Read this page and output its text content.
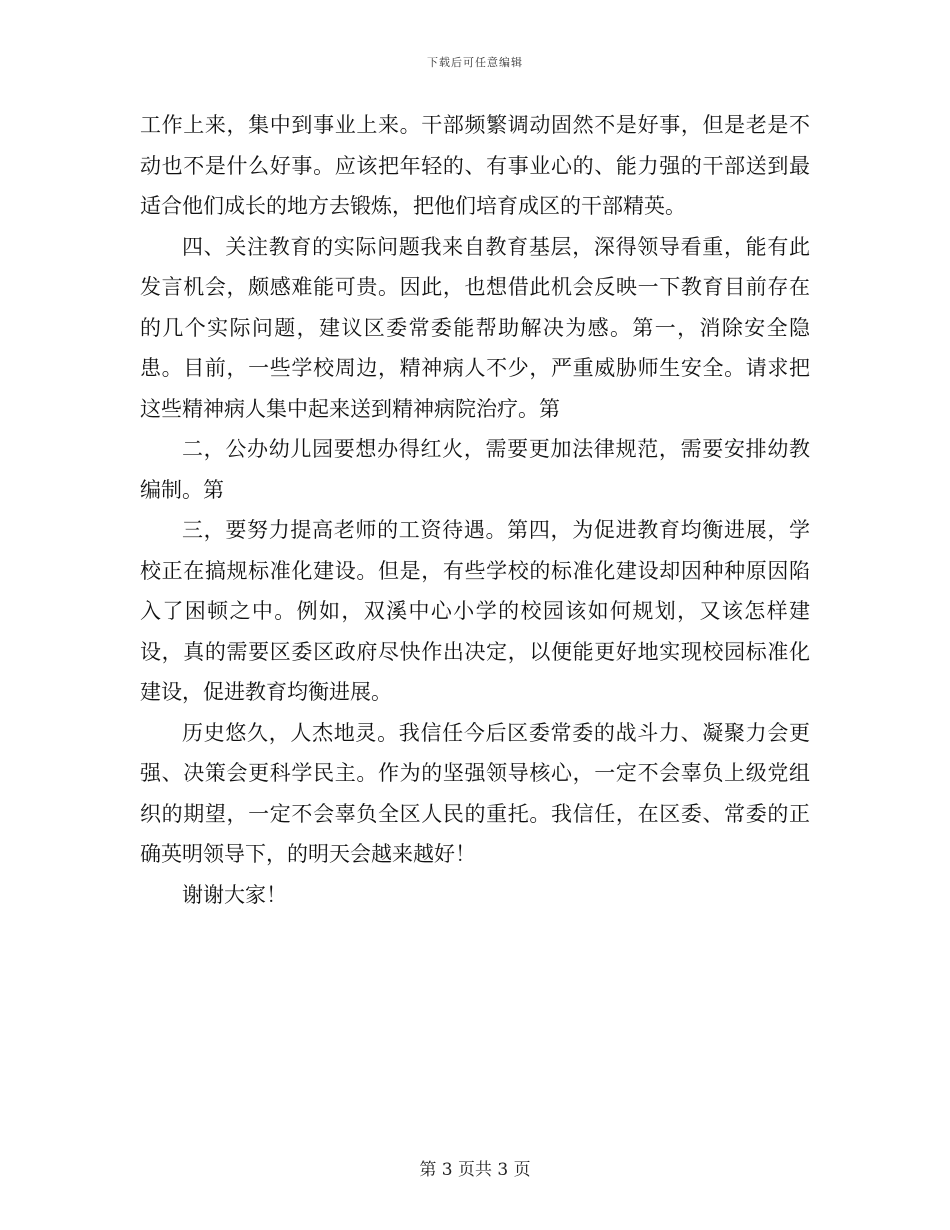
下载后可任意编辑

工作上来，集中到事业上来。干部频繁调动固然不是好事，但是老是不动也不是什么好事。应该把年轻的、有事业心的、能力强的干部送到最适合他们成长的地方去锻炼，把他们培育成区的干部精英。

四、关注教育的实际问题我来自教育基层，深得领导看重，能有此发言机会，颇感难能可贵。因此，也想借此机会反映一下教育目前存在的几个实际问题，建议区委常委能帮助解决为感。第一，消除安全隐患。目前，一些学校周边，精神病人不少，严重威胁师生安全。请求把这些精神病人集中起来送到精神病院治疗。第

二，公办幼儿园要想办得红火，需要更加法律规范，需要安排幼教编制。第

三，要努力提高老师的工资待遇。第四，为促进教育均衡进展，学校正在搞规标准化建设。但是，有些学校的标准化建设却因种种原因陷入了困顿之中。例如，双溪中心小学的校园该如何规划，又该怎样建设，真的需要区委区政府尽快作出决定，以便能更好地实现校园标准化建设，促进教育均衡进展。

历史悠久，人杰地灵。我信任今后区委常委的战斗力、凝聚力会更强、决策会更科学民主。作为的坚强领导核心，一定不会辜负上级党组织的期望，一定不会辜负全区人民的重托。我信任，在区委、常委的正确英明领导下，的明天会越来越好！

谢谢大家！

第 3 页共 3 页
